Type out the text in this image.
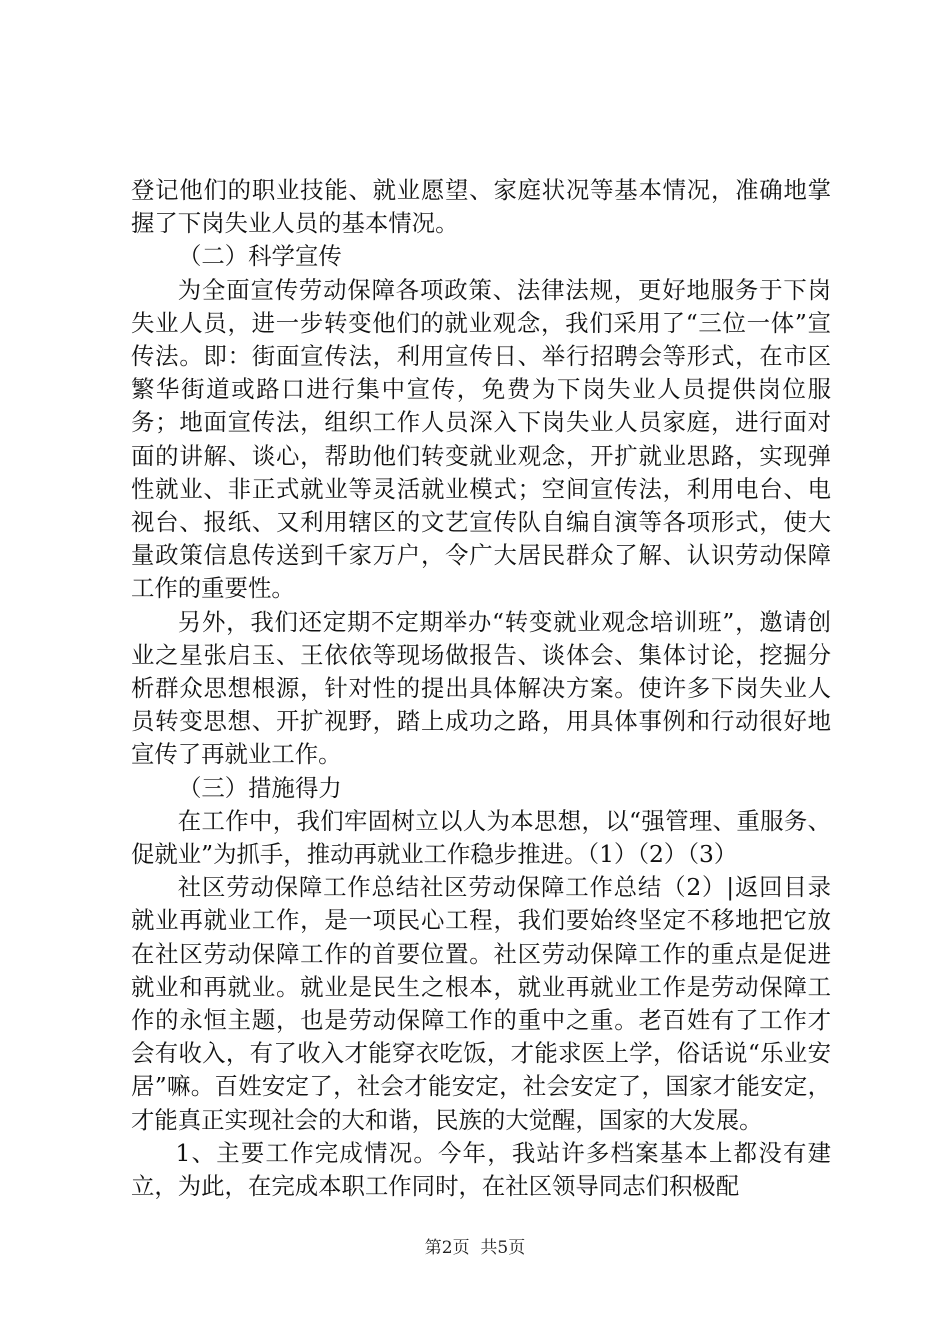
登记他们的职业技能、就业愿望、家庭状况等基本情况，准确地掌握了下岗失业人员的基本情况。

（二）科学宣传

为全面宣传劳动保障各项政策、法律法规，更好地服务于下岗失业人员，进一步转变他们的就业观念，我们采用了“三位一体”宣传法。即：街面宣传法，利用宣传日、举行招聘会等形式，在市区繁华街道或路口进行集中宣传，免费为下岗失业人员提供岗位服务；地面宣传法，组织工作人员深入下岗失业人员家庭，进行面对面的讲解、谈心，帮助他们转变就业观念，开扩就业思路，实现弹性就业、非正式就业等灵活就业模式；空间宣传法，利用电台、电视台、报纸、又利用辖区的文艺宣传队自编自演等各项形式，使大量政策信息传送到千家万户，令广大居民群众了解、认识劳动保障工作的重要性。

另外，我们还定期不定期举办“转变就业观念培训班”，邀请创业之星张启玉、王依依等现场做报告、谈体会、集体讨论，挖掘分析群众思想根源，针对性的提出具体解决方案。使许多下岗失业人员转变思想、开扩视野，踏上成功之路，用具体事例和行动很好地宣传了再就业工作。

（三）措施得力

在工作中，我们牢固树立以人为本思想，以“强管理、重服务、促就业”为抓手，推动再就业工作稳步推进。（1）（2）（3）

社区劳动保障工作总结社区劳动保障工作总结（2）|返回目录就业再就业工作，是一项民心工程，我们要始终坚定不移地把它放在社区劳动保障工作的首要位置。社区劳动保障工作的重点是促进就业和再就业。就业是民生之根本，就业再就业工作是劳动保障工作的永恒主题，也是劳动保障工作的重中之重。老百姓有了工作才会有收入，有了收入才能穿衣吃饭，才能求医上学，俗话说“乐业安居”嘛。百姓安定了，社会才能安定，社会安定了，国家才能安定，才能真正实现社会的大和谐，民族的大觉醒，国家的大发展。

1、主要工作完成情况。今年，我站许多档案基本上都没有建立，为此，在完成本职工作同时，在社区领导同志们积极配

第2页  共5页
